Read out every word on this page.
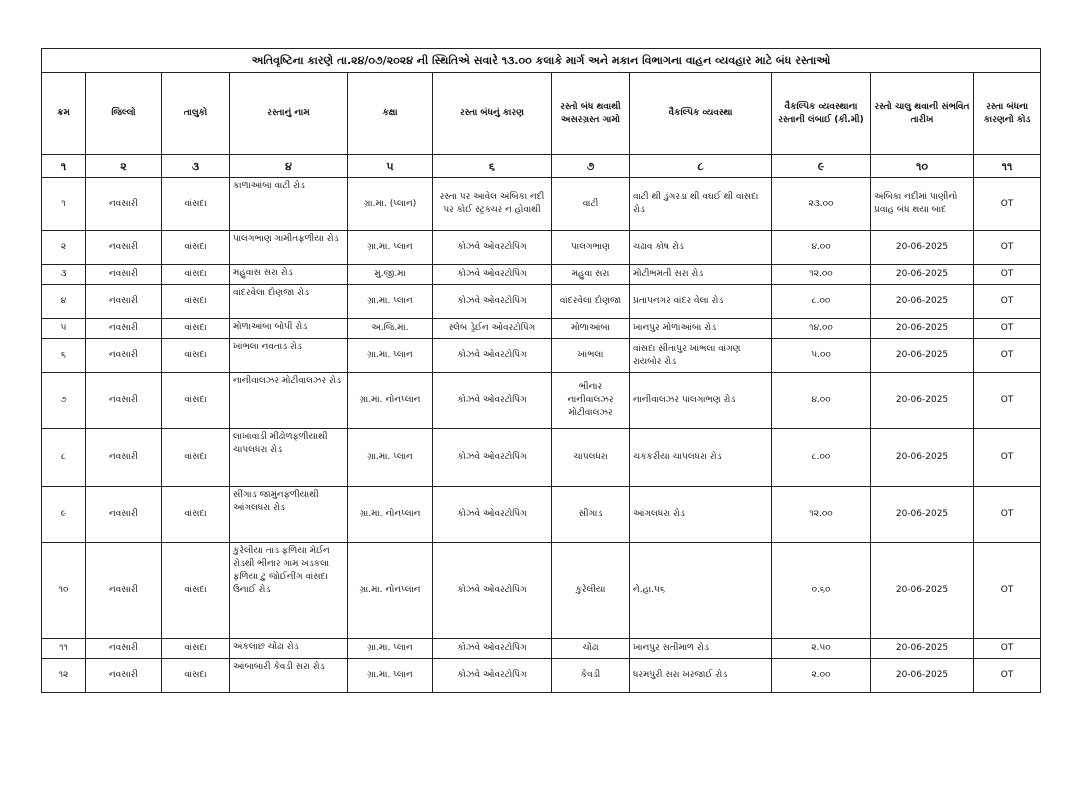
અતિવૃષ્ટિના કારણે તા.૨૪/૦૭/૨૦૨૪ ની સ્થિતિએ સવારે ૧૩.૦૦ કલાકે માર્ગ અને મકાન વિભાગના વાહન વ્યવહાર માટે બંધ રસ્તાઓ										
ક્રમ	જિલ્લો	તાલુકો	રસ્તાનું નામ	કક્ષા	રસ્તા બંધનું કારણ	રસ્તો બંધ થવાથી અસરગ્રસ્ત ગામો	વૈકલ્પિક વ્યવસ્થા	વૈકલ્પિક વ્યવસ્થાના રસ્તાની લંબાઈ (કી.મી)	રસ્તો ચાલુ થવાની સંભવિત તારીખ	રસ્તા બંધના કારણનો કોડ
૧	૨	૩	૪	૫	૬	૭	૮	૯	૧૦	૧૧
૧	નવસારી	વાંસદા	કાળાઆંબા વાટી રોડ	ગ્રા.મા. (પ્લાન)	રસ્તા પર આવેલ અંબિકા નદી પર કોઈ સ્ટ્રક્ચર ન હોવાથી	વાટી	વાટી થી ડુંગરડા થી વઘઈ થી વાંસદા રોડ	૨૩.૦૦	અંબિકા નદીમાં પાણીનો પ્રવાહ બંધ થયા બાદ	OT
૨	નવસારી	વાંસદા	પાલગભાણ ગામીતફળીયા રોડ	ગ્રા.મા. પ્લાન	કોઝવે ઓવરટોપિંગ	પાલગભાણ	ચઢાવ કોષ રોડ	૪.૦૦	20-06-2025	OT
૩	નવસારી	વાંસદા	મહુવાસ સરા રોડ	મુ.જી.મા	કોઝવે ઓવરટોપિંગ	મહુવા સરા	મોટીભમતી સરા રોડ	૧૨.૦૦	20-06-2025	OT
૪	નવસારી	વાંસદા	વાંદરવેલા દોણજા રોડ	ગ્રા.મા. પ્લાન	કોઝવે ઓવરટોપિંગ	વાંદરવેલા દોણજા	પ્રતાપનગર વાંદર વેલા રોડ	૮.૦૦	20-06-2025	OT
૫	નવસારી	વાંસદા	મોળાઆંબા બોપી રોડ	અ.જિ.મા.	સ્લેબ ડ્રેઈન ઓવરટોપિંગ	મોળાઆંબા	ખાનપુર મોળાઆંબા રોડ	૧૪.૦૦	20-06-2025	OT
૬	નવસારી	વાંસદા	ખાંભલા નવતાડ રોડ	ગ્રા.મા. પ્લાન	કોઝવે ઓવરટોપિંગ	ખાંભલા	વાંસદા સીતાપુર ખાંભલા વાંગણ રાયબોર રોડ	૫.૦૦	20-06-2025	OT
૭	નવસારી	વાંસદા	નાનીવાલઝર મોટીવાલઝર રોડ	ગ્રા.મા. નોનપ્લાન	કોઝવે ઓવરટોપિંગ	ભીનાર નાનીવાલઝર મોટીવાલઝર	નાનીવાલઝર પાલગાભણ રોડ	૪.૦૦	20-06-2025	OT
૮	નવસારી	વાંસદા	લાખાવાડી મીંઢોળફળીયાથી ચાપલધરા રોડ	ગ્રા.મા. પ્લાન	કોઝવે ઓવરટોપિંગ	ચાપલધરા	ચકકરીયા ચાપલધરા રોડ	૮.૦૦	20-06-2025	OT
૯	નવસારી	વાંસદા	સીંગાડ જામુનફળીયાથી આંગલધરા રોડ	ગ્રા.મા. નોનપ્લાન	કોઝવે ઓવરટોપિંગ	સીંગાડ	આંગલધરા રોડ	૧૨.૦૦	20-06-2025	OT
૧૦	નવસારી	વાંસદા	કુરેલીયા તાડ ફળિયા મેઈન રોડથી ભીનાર ગામ ખડકલા ફળિયા ટુ જોઈનીંગ વાંસદા ઉનાઈ રોડ	ગ્રા.મા. નોનપ્લાન	કોઝવે ઓવરટોપિંગ	કુરેલીયા	ને.હા.૫૬	૦.૬૦	20-06-2025	OT
૧૧	નવસારી	વાંસદા	અંકલાછ ચોંઢા રોડ	ગ્રા.મા. પ્લાન	કોઝવે ઓવરટોપિંગ	ચોંઢા	ખાનપુર સતીમાળ રોડ	૨.૫૦	20-06-2025	OT
૧૨	નવસારી	વાંસદા	આંબાબારી કેવડી સરા રોડ	ગ્રા.મા. પ્લાન	કોઝવે ઓવરટોપિંગ	કેવડી	ધરમપુરી સરા ખરજાઈ રોડ	૨.૦૦	20-06-2025	OT
